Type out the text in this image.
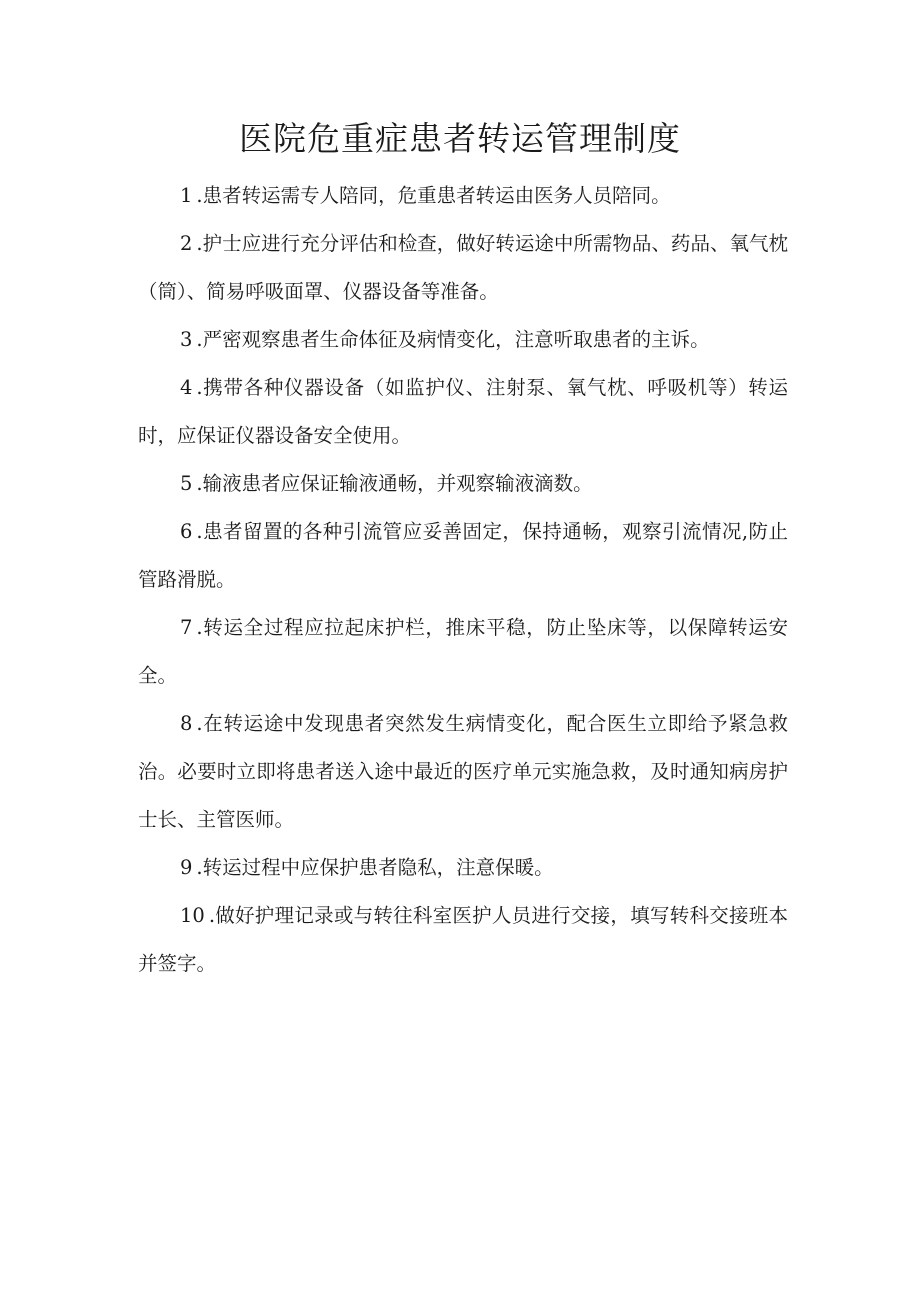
医院危重症患者转运管理制度

1 .患者转运需专人陪同，危重患者转运由医务人员陪同。

2 .护士应进行充分评估和检查，做好转运途中所需物品、药品、氧气枕（筒）、简易呼吸面罩、仪器设备等准备。

3 .严密观察患者生命体征及病情变化，注意听取患者的主诉。

4 .携带各种仪器设备（如监护仪、注射泵、氧气枕、呼吸机等）转运时，应保证仪器设备安全使用。

5 .输液患者应保证输液通畅，并观察输液滴数。

6 .患者留置的各种引流管应妥善固定，保持通畅，观察引流情况,防止管路滑脱。

7 .转运全过程应拉起床护栏，推床平稳，防止坠床等，以保障转运安全。

8 .在转运途中发现患者突然发生病情变化，配合医生立即给予紧急救治。必要时立即将患者送入途中最近的医疗单元实施急救，及时通知病房护士长、主管医师。

9 .转运过程中应保护患者隐私，注意保暖。

10 .做好护理记录或与转往科室医护人员进行交接，填写转科交接班本并签字。
